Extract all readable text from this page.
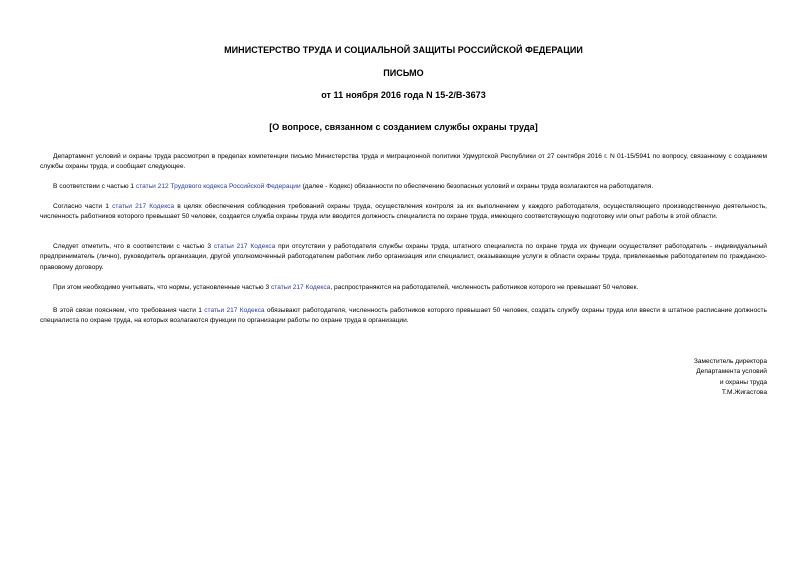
МИНИСТЕРСТВО ТРУДА И СОЦИАЛЬНОЙ ЗАЩИТЫ РОССИЙСКОЙ ФЕДЕРАЦИИ
ПИСЬМО
от 11 ноября 2016 года N 15-2/В-3673
[О вопросе, связанном с созданием службы охраны труда]

Департамент условий и охраны труда рассмотрел в пределах компетенции письмо Министерства труда и миграционной политики Удмуртской Республики от 27 сентября 2016 г. N 01-15/5941 по вопросу, связанному с созданием службы охраны труда, и сообщает следующее.

В соответствии с частью 1 статьи 212 Трудового кодекса Российской Федерации (далее - Кодекс) обязанности по обеспечению безопасных условий и охраны труда возлагаются на работодателя.

Согласно части 1 статьи 217 Кодекса в целях обеспечения соблюдения требований охраны труда, осуществления контроля за их выполнением у каждого работодателя, осуществляющего производственную деятельность, численность работников которого превышает 50 человек, создается служба охраны труда или вводится должность специалиста по охране труда, имеющего соответствующую подготовку или опыт работы в этой области.

Следует отметить, что в соответствии с частью 3 статьи 217 Кодекса при отсутствии у работодателя службы охраны труда, штатного специалиста по охране труда их функции осуществляет работодатель - индивидуальный предприниматель (лично), руководитель организации, другой уполномоченный работодателем работник либо организация или специалист, оказывающие услуги в области охраны труда, привлекаемые работодателем по гражданско-правовому договору.

При этом необходимо учитывать, что нормы, установленные частью 3 статьи 217 Кодекса, распространяются на работодателей, численность работников которого не превышает 50 человек.

В этой связи поясняем, что требования части 1 статьи 217 Кодекса обязывают работодателя, численность работников которого превышает 50 человек, создать службу охраны труда или ввести в штатное расписание должность специалиста по охране труда, на которых возлагаются функции по организации работы по охране труда в организации.

Заместитель директора
Департамента условий
и охраны труда
Т.М.Жигастова
